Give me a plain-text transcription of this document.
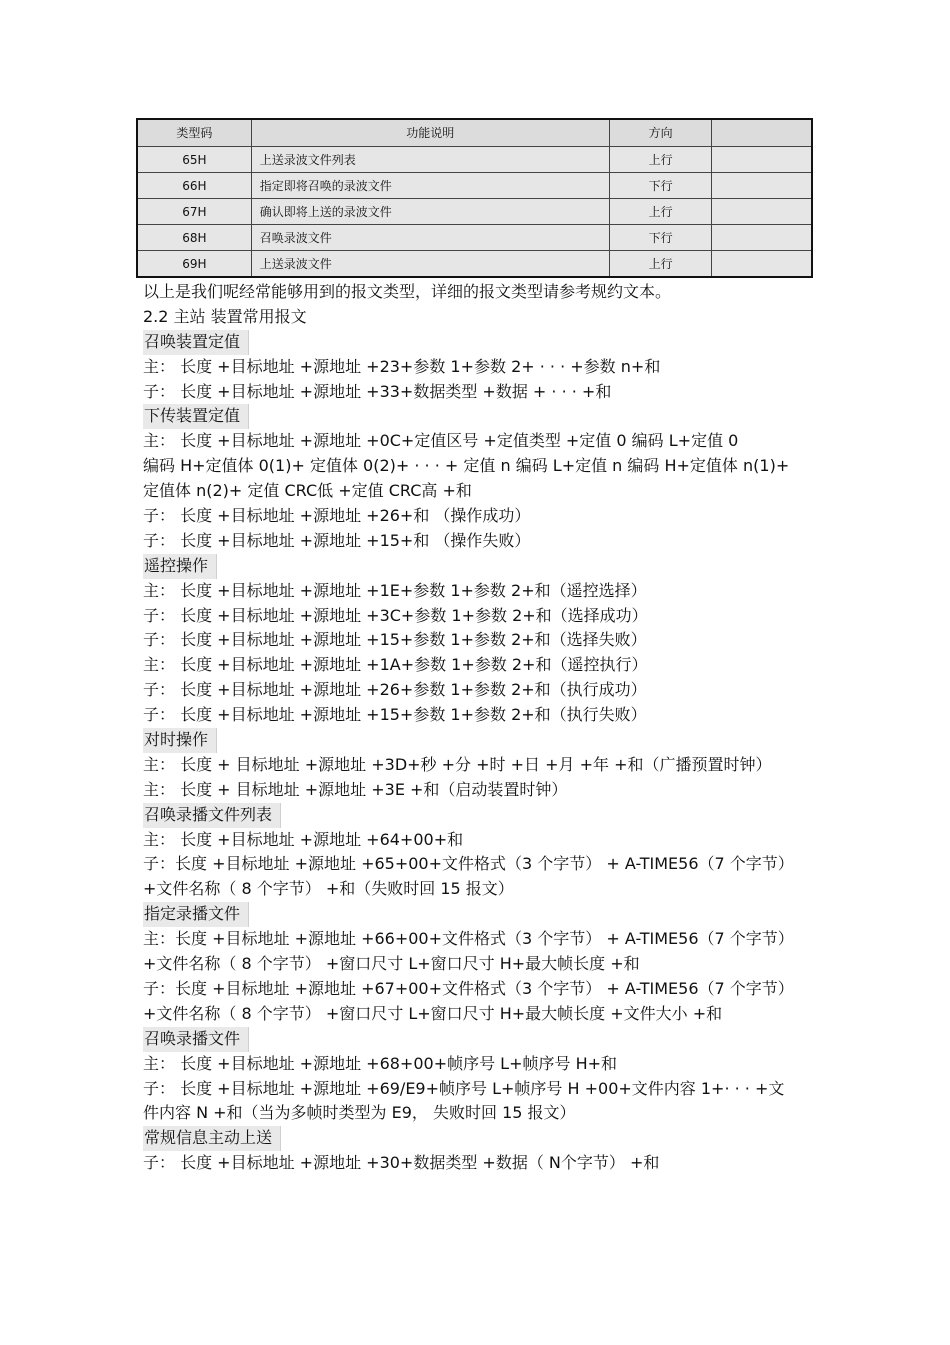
类型码	功能说明	方向	
65H	上送录波文件列表	上行	
66H	指定即将召唤的录波文件	下行	
67H	确认即将上送的录波文件	上行	
68H	召唤录波文件	下行	
69H	上送录波文件	上行	
以上是我们呢经常能够用到的报文类型，详细的报文类型请参考规约文本。
2.2 主站 装置常用报文
召唤装置定值
主： 长度 +目标地址 +源地址 +23+参数 1+参数 2+ · · · +参数 n+和
子： 长度 +目标地址 +源地址 +33+数据类型 +数据 + · · · +和
下传装置定值
主： 长度 +目标地址 +源地址 +0C+定值区号 +定值类型 +定值 0 编码 L+定值 0
编码 H+定值体 0(1)+ 定值体 0(2)+ · · · + 定值 n 编码 L+定值 n 编码 H+定值体 n(1)+
定值体 n(2)+ 定值 CRC低 +定值 CRC高 +和
子： 长度 +目标地址 +源地址 +26+和 （操作成功）
子： 长度 +目标地址 +源地址 +15+和 （操作失败）
遥控操作
主： 长度 +目标地址 +源地址 +1E+参数 1+参数 2+和（遥控选择）
子： 长度 +目标地址 +源地址 +3C+参数 1+参数 2+和（选择成功）
子： 长度 +目标地址 +源地址 +15+参数 1+参数 2+和（选择失败）
主： 长度 +目标地址 +源地址 +1A+参数 1+参数 2+和（遥控执行）
子： 长度 +目标地址 +源地址 +26+参数 1+参数 2+和（执行成功）
子： 长度 +目标地址 +源地址 +15+参数 1+参数 2+和（执行失败）
对时操作
主： 长度 + 目标地址 +源地址 +3D+秒 +分 +时 +日 +月 +年 +和（广播预置时钟）
主： 长度 + 目标地址 +源地址 +3E +和（启动装置时钟）
召唤录播文件列表
主： 长度 +目标地址 +源地址 +64+00+和
子：长度 +目标地址 +源地址 +65+00+文件格式（3 个字节） + A-TIME56（7 个字节）
+文件名称（ 8 个字节） +和（失败时回 15 报文）
指定录播文件
主：长度 +目标地址 +源地址 +66+00+文件格式（3 个字节） + A-TIME56（7 个字节）
+文件名称（ 8 个字节） +窗口尺寸 L+窗口尺寸 H+最大帧长度 +和
子：长度 +目标地址 +源地址 +67+00+文件格式（3 个字节） + A-TIME56（7 个字节）
+文件名称（ 8 个字节） +窗口尺寸 L+窗口尺寸 H+最大帧长度 +文件大小 +和
召唤录播文件
主： 长度 +目标地址 +源地址 +68+00+帧序号 L+帧序号 H+和
子： 长度 +目标地址 +源地址 +69/E9+帧序号 L+帧序号 H +00+文件内容 1+· · · +文
件内容 N +和（当为多帧时类型为 E9， 失败时回 15 报文）
常规信息主动上送
子： 长度 +目标地址 +源地址 +30+数据类型 +数据（ N个字节） +和
